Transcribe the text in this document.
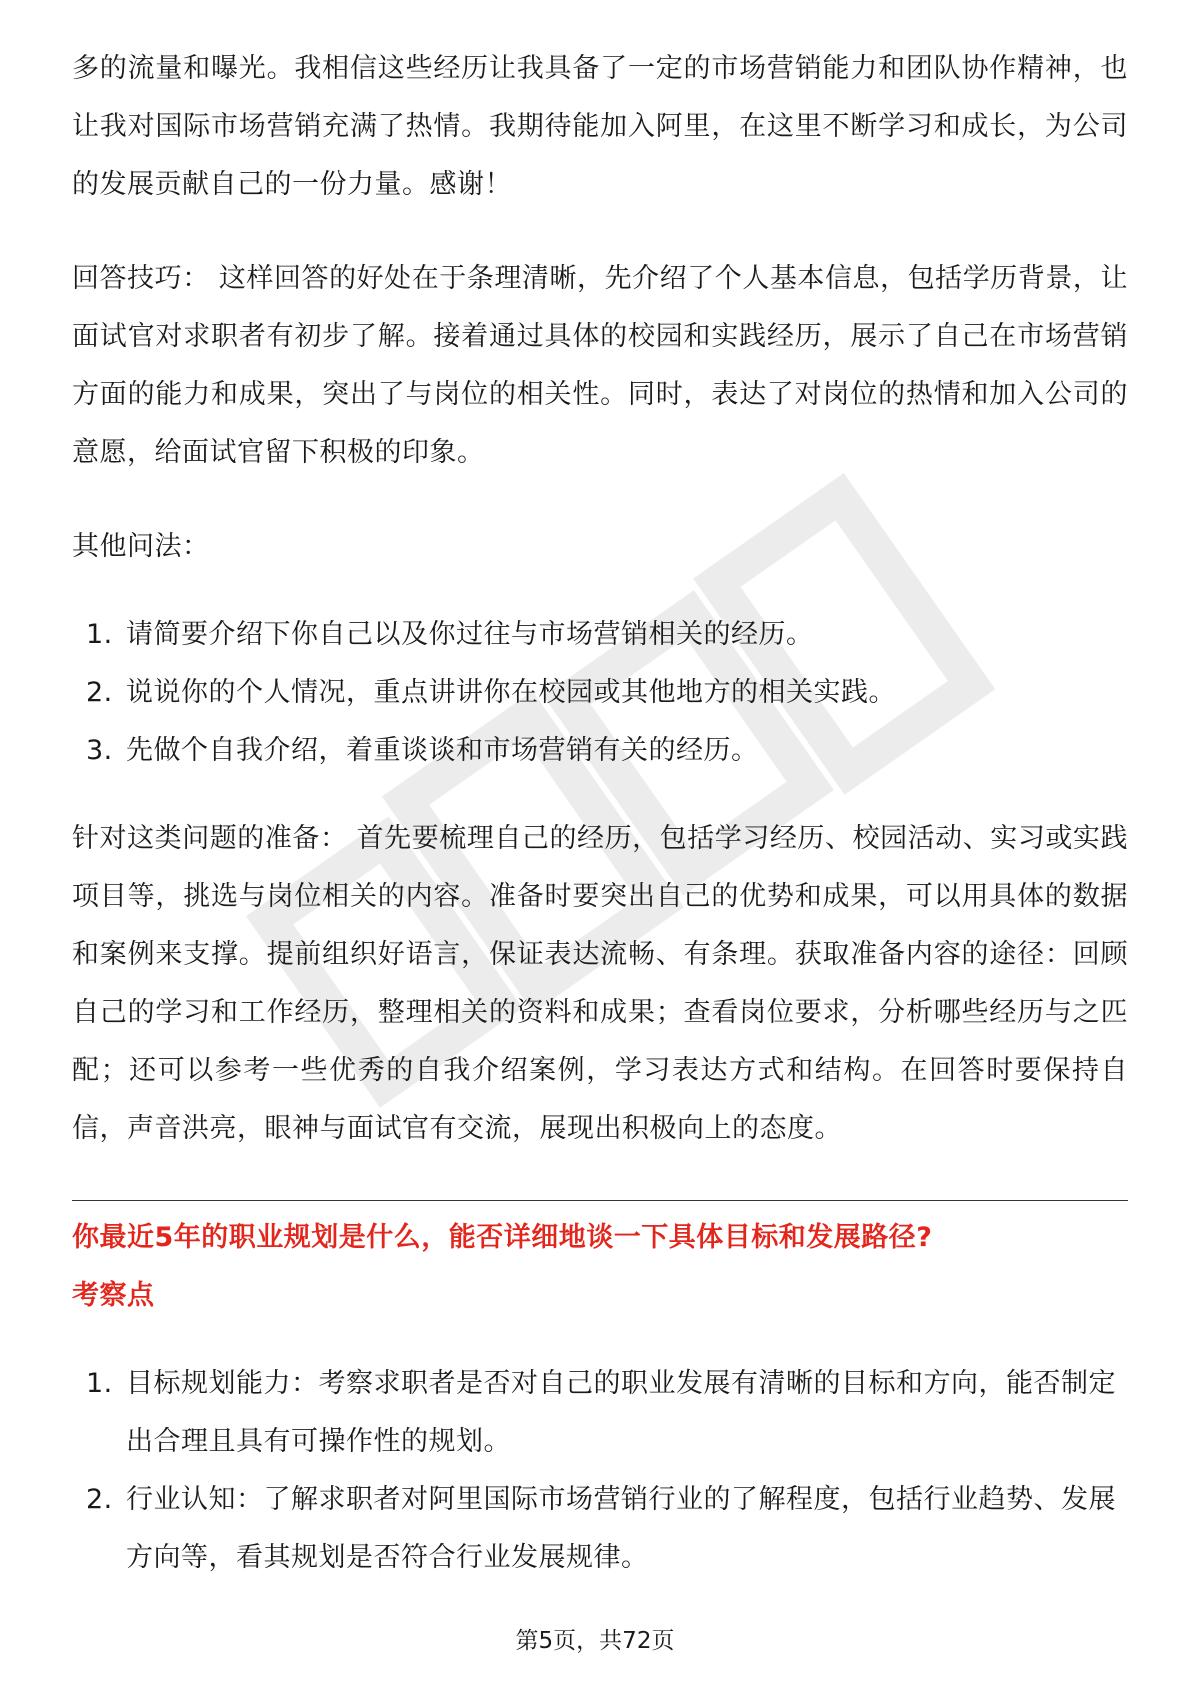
多的流量和曝光。我相信这些经历让我具备了一定的市场营销能力和团队协作精神，也让我对国际市场营销充满了热情。我期待能加入阿里，在这里不断学习和成长，为公司的发展贡献自己的一份力量。感谢！

回答技巧： 这样回答的好处在于条理清晰，先介绍了个人基本信息，包括学历背景，让面试官对求职者有初步了解。接着通过具体的校园和实践经历，展示了自己在市场营销方面的能力和成果，突出了与岗位的相关性。同时，表达了对岗位的热情和加入公司的意愿，给面试官留下积极的印象。

其他问法：

1. 请简要介绍下你自己以及你过往与市场营销相关的经历。
2. 说说你的个人情况，重点讲讲你在校园或其他地方的相关实践。
3. 先做个自我介绍，着重谈谈和市场营销有关的经历。

针对这类问题的准备： 首先要梳理自己的经历，包括学习经历、校园活动、实习或实践项目等，挑选与岗位相关的内容。准备时要突出自己的优势和成果，可以用具体的数据和案例来支撑。提前组织好语言，保证表达流畅、有条理。获取准备内容的途径：回顾自己的学习和工作经历，整理相关的资料和成果；查看岗位要求，分析哪些经历与之匹配；还可以参考一些优秀的自我介绍案例，学习表达方式和结构。在回答时要保持自信，声音洪亮，眼神与面试官有交流，展现出积极向上的态度。

你最近5年的职业规划是什么，能否详细地谈一下具体目标和发展路径?

考察点

1. 目标规划能力：考察求职者是否对自己的职业发展有清晰的目标和方向，能否制定出合理且具有可操作性的规划。
2. 行业认知：了解求职者对阿里国际市场营销行业的了解程度，包括行业趋势、发展方向等，看其规划是否符合行业发展规律。
第5页，共72页
